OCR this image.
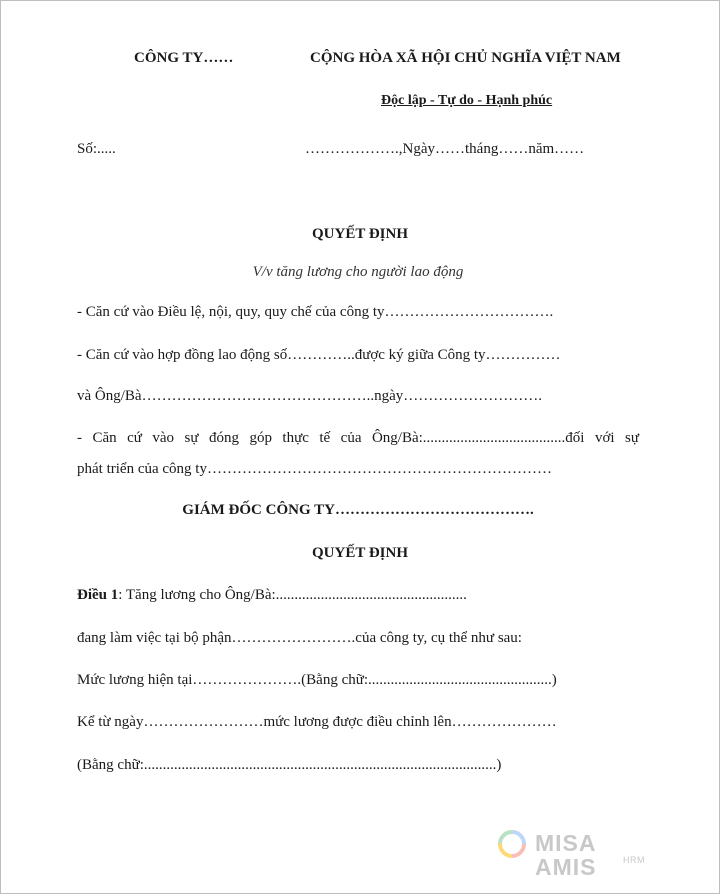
CÔNG TY……	CỘNG HÒA XÃ HỘI CHỦ NGHĨA VIỆT NAM
Độc lập - Tự do - Hạnh phúc
Số:.....	……………….,Ngày……tháng……năm……
QUYẾT ĐỊNH
V/v tăng lương cho người lao động
- Căn cứ vào Điều lệ, nội, quy, quy chế của công ty…………………………….
- Căn cứ vào hợp đồng lao động số…………..được ký giữa Công ty……………
và Ông/Bà………………………………………..ngày……………………….
- Căn cứ vào sự đóng góp thực tế của Ông/Bà:......................................đối với sự
phát triển của công ty……………………………………………………………
GIÁM ĐỐC CÔNG TY………………………………….
QUYẾT ĐỊNH
Điều 1: Tăng lương cho Ông/Bà:...................................................
đang làm việc tại bộ phận…………………….của công ty, cụ thể như sau:
Mức lương hiện tại………………….(Bằng chữ:.................................................)
Kể từ ngày……………………mức lương được điều chỉnh lên…………………
(Bằng chữ:..............................................................................................)
MISA AMIS	HRM
